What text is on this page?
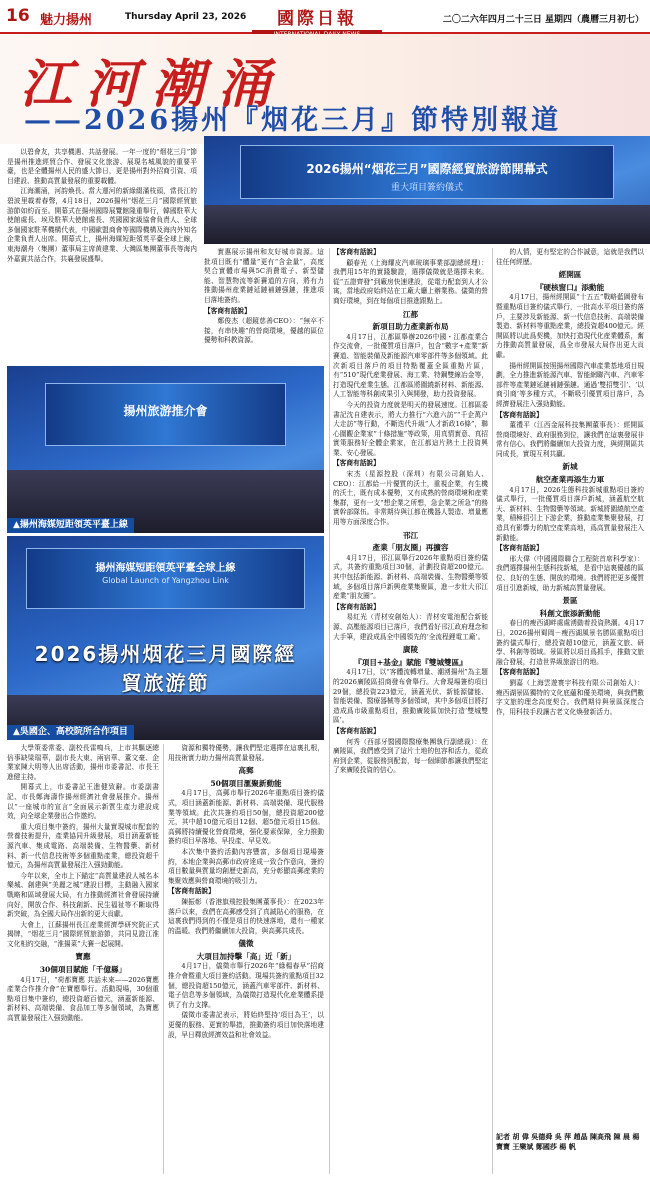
16 魅力揚州	Thursday April 23, 2026	國際日報	二〇二六年四月二十三日 星期四（農曆三月初七）
江河潮涌
——2026揚州『烟花三月』節特別報道
2026揚州“烟花三月”國際經貿旅游節開幕式
重大項目簽約儀式

以碧會友，共享機遇、共話發展。一年一度的“烟花三月”節是揚州推進經貿合作、發展文化旅游、展現名城風貌的重要平臺，也是全體揚州人民的盛大節日，更是揚州對外招商引資、項目建設、推動高質量發展的重要載體。

江海潮涌，河韵煥長。當大運河的新綠綴滿枝頭，當長江的碧波里載着春聲，4月18日，2026揚州“烟花三月”國際經貿旅游節如約而至。開幕式在揚州國際展覽館隆重舉行，韓國駐華大使館處長、埃及駐華大使館處長、英國國家級協會負責人、全球多個國家駐華機構代表，中國歐盟商會等國際機構及海内外知名企業負責人出席。開幕式上，揚州海媒短距領英平臺全球上線，東海潮舟（集團）董事局主席黄建業、大灣區集團董事長等海内外嘉賓共話合作，共襄發展盛舉。

實惠展示揚州和友好城市資源。這批項目既有“體量”更有“含金量”，高度契合實體市場與5C消費電子、新型儲能、智慧物流等新賽道的方向，將有力推動揚州産業鏈延鏈補鏈强鏈，推進項目落地簽約。

【客商有話說】

鄭俊杰（超鏡慈善CEO）：“無卒不接，有串快趣”的營商環境，優越的區位優勢和科教資源。

揚州旅游推介會
▲揚州海媒短距領英平臺上線
揚州海媒短距領英平臺全球上線
Global Launch of Yangzhou Link
2026揚州烟花三月國際經貿旅游節
▲吳國企、高校院所合作項目

大學策委常委、副校長雷鳴兵，上市其驅逐總倍事缺梁瑞華，副市長大東、兩宿華、董文豪、企業家陳大明等人出席活動，揚州市委書記、市長王進健主持。

開幕式上，市委書記王進健致辭。市委副書記、市長鄭海濤作揚州經濟社會發展推介。揚州以“一座城市的宣言”全面展示新質生產力建設成效，向全球企業發出合作邀約。

重大項目集中簽約，揚州大量實現城市配套的營養技術提升，產業協同升級發展，項目涵蓋新能源汽車、集成電路、高端裝備、生物醫藥、新材料、新一代信息技術等多個重點產業，總投資超千億元，為揚州高質量發展注入强勁動能。

今年以來，全市上下錨定“高質量建設人城名本樂城、創建與“美麗之城”建設目標，主動融入國家戰略和區域發展大局，有力推動經濟社會發展持續向好，開放合作、科技創新、民生福祉等不斷取得新突破，為全國大局作出新的更大貢獻。

大會上，江蘇揚州長江産業經濟學研究院正式揭牌，“烟花三月”國際經貿旅游節，共同見證江淮文化相約交融，“淮揚菜”大賽一起展開。

寶應

30個項目賦能「千億縣」

4月17日，“荷都寶應 共話未來——2026寶應產業合作推介會”在寶應舉行。活動現場，30個重點項目集中簽約，總投資超百億元，涵蓋新能源、新材料、高端裝備、食品加工等多個領域，為寶應高質量發展注入强勁動能。

資源和獨特優勢，讓我們堅定選擇在這裏扎根，用技術實力助力揚州高質量發展。

高郵

50個項目滙聚新動能

4月17日，高郵市舉行2026年重點項目簽約儀式，項目涵蓋新能源、新材料、高端裝備、現代服務業等領域。此次共簽約項目50個，總投資超200億元，其中超10億元項目12個、超5億元項目15個。高郵將持續優化營商環境，强化要素保障，全力推動簽約項目早落地、早投產、早見效。

本次集中簽約活動內容豐富，多個項目現場簽約，本地企業與高郵市政府達成一致合作意向，簽約項目數量與質量均創歷史新高，充分彰顯高郵産業的集聚效應與營商環境的吸引力。

【客商有話說】

陳振彰（香港旗飛控股集團董事長）：在2023年落戶以來，我們在高郵感受到了真誠貼心的服務，在這裏我們得到的不僅是項目的快速落地，還有一種家的温暖。我們將繼續加大投資，與高郵共成長。

儀徵

大項目加持擊「高」近「新」

4月17日，儀徵市舉行2026年“綠楊春早”招商推介會暨重大項目簽約活動。現場共簽約重點項目32個，總投資超150億元，涵蓋汽車零部件、新材料、電子信息等多個領域，為儀徵打造現代化産業體系提供了有力支撑。

儀徵市委書記表示，將始終堅持‘項目為王’，以更優的服務、更實的舉措，推動簽約項目加快落地建設，早日釋放經濟效益和社會效益。

【客商有話說】

顧春光（上海耀皮汽車玻璃事業部副總經理）：我們用15年的實踐驗證，選擇儀徵就是選擇未來。從“五證齊發”到廠房快速建設，從電力配套到人才公寓，當地政府始終站在工廠大廳上辦業務。儀徵的營商好環境，到在每個項目推進跟點上。

江都

新項目助力產業新布局

4月17日，江都區舉辦2026中國・江都產業合作交流會，一批優質項目落戶，包含“數字+產業”新賽道、智能裝備及新能源汽車零部件等多個領域。此次新項目落戶的項目特點覆蓋全區重點片區，有“510”現代産業發展、海工業、特鋼雙線冶金等，打造現代産業生態。江都區將圍繞新材料、新能源、人工智能等科創成果引入與開發，助力投資發展。

今天的投資力度就是明天的發展速度。江都區委書記沈自建表示，將大力推行“六進六訪”“千企萬户大走訪”等行動，不斷迭代升級“人才新政16條”，聯心圍觀企業家“十條措施”等政策，用真情實意、真招實策服務好全體企業家，在江都這片熱土上投資興業、安心發展。

【客商有話說】

宋杰（星源控股（深圳）有限公司創始人、CEO）：江都給一片優質的沃土，重視企業，有生機的沃土，既有成本優勢，又有成熟的營商環境和産業集群，更有一支“想企業之所想，急企業之所急”的務實幹部隊伍。非常期待與江都在機器人製造、增量應用等方面深度合作。

邗江

產業「朋友圈」再擴容

4月17日，邗江區舉行2026年重點項目簽約儀式，共簽約重點項目30個，計劃投資超200億元。其中包括新能源、新材料、高端裝備、生物醫藥等領域，多個項目落戶新興産業集聚區，進一步壯大邗江産業“朋友圈”。

【客商有話說】

易紅光（青材安創始人）：青材安電池配合新能源、高壓能源項目已落戶，我們看好邗江政府理念和大手筆，建設成爲全中國領先的‘全流程鋰電工廠’。

廣陵

『項目+基金』賦能『雙城雙區』

4月17日，以“客體流轉增量、潮湧揚州”為主題的2026廣陵區招商發布會舉行。大會現場簽約項目29個，總投資223億元，涵蓋光伏、新能源儲能、智能裝備、醫療器械等多個領域，其中多個項目將打造成爲市級重點項目，推動廣陵區加快打造‘雙城雙區’。

【客商有話說】

何秀（西部牙醫國際醫療集團執行副總裁）：在廣陵區，我們感受到了這片土地的包容和活力，從政府到企業，從服務到配套，每一個細節都讓我們堅定了來廣陵投資的信心。

的人情，更有堅定的合作誠意，這就是我們以往任何經歷。

經開區

『硬核窗口』添動能

4月17日，揚州經開區“十五五”戰略藍圖發布暨重點項目簽約儀式舉行，一批高水平項目簽約落戶，主要涉及新能源、新一代信息技術、高端裝備製造、新材料等重點産業，總投資超400億元。經開區將以此爲契機，加快打造現代化産業體系，奮力推動高質量發展，爲全市發展大局作出更大貢獻。

揚州經開區按照揚州國際汽車產業基地項目規劃，全力推進新能源汽車、智能網聯汽車、汽車零部件等產業鏈延鏈補鏈强鏈。通過‘雙招雙引’、‘以商引商’等多種方式，不斷吸引優質項目落戶，為經濟發展注入强勁動能。

【客商有話說】

董禮平（江西金展科技集團董事長）：經開區營商環境好、政府服務到位，讓我們在這裏發展非常有信心。我們將繼續加大投資力度，與經開區共同成長，實現互利共贏。

新城

航空產業再添生力軍

4月17日，2026生態科技新城重點項目簽約儀式舉行，一批優質項目落戶新城，涵蓋航空航天、新材料、生物醫藥等領域。新城將圍繞航空產業，積極招引上下游企業，推動產業集聚發展，打造具有影響力的航空產業高地，爲高質量發展注入新動能。

【客商有話說】

邢大偉（中國國際聯合工程院首席科學家）：我們選擇揚州生態科技新城，是看中這裏優越的區位、良好的生態、開放的環境。我們將把更多優質項目引進新城，助力新城高質量發展。

景區

科創文旅添新動能

春日的瘦西湖畔處處湧動着投資熱潮。4月17日，2026揚州蜀岡－瘦西湖風景名勝區重點項目簽約儀式舉行，總投資超10億元，涵蓋文旅、研學、科創等領域。景區將以項目爲抓手，推動文旅融合發展，打造世界級旅游目的地。

【客商有話說】

劉嘉（上海雲遊寰宇科技有限公司創始人）：瘦西湖景區獨特的文化底蘊和優美環境，與我們數字文旅的理念高度契合。我們期待與景區深度合作，用科技手段讓古老文化煥發新活力。

記者 胡 偉 吳德舜 吳 萍 趙晶 陳高飛 陳 晨 楊寶寶 王樂斌 鄭國莎 楊 帆
